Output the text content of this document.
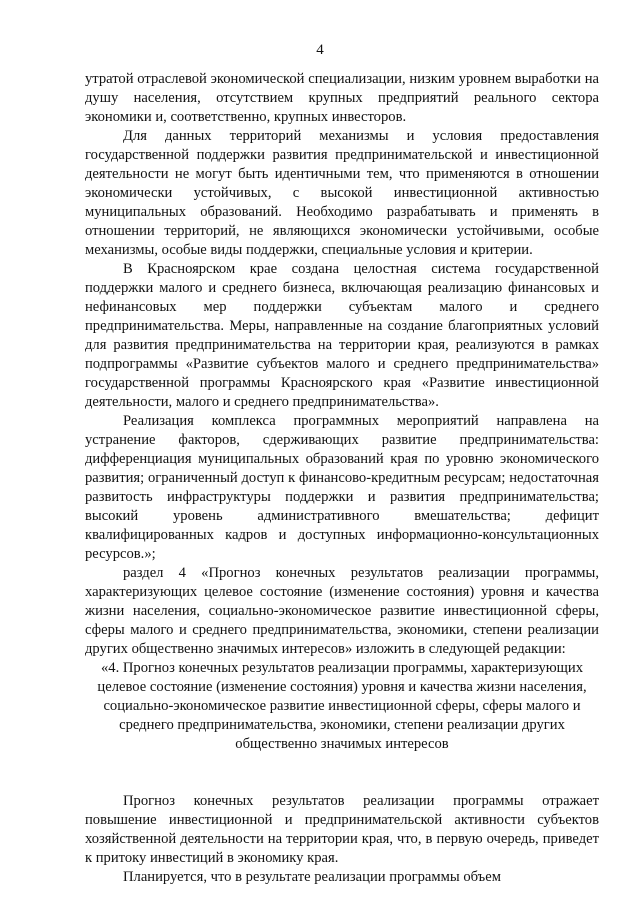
4

утратой отраслевой экономической специализации, низким уровнем выработки на душу населения, отсутствием крупных предприятий реального сектора экономики и, соответственно, крупных инвесторов.

Для данных территорий механизмы и условия предоставления государственной поддержки развития предпринимательской и инвестиционной деятельности не могут быть идентичными тем, что применяются в отношении экономически устойчивых, с высокой инвестиционной активностью муниципальных образований. Необходимо разрабатывать и применять в отношении территорий, не являющихся экономически устойчивыми, особые механизмы, особые виды поддержки, специальные условия и критерии.

В Красноярском крае создана целостная система государственной поддержки малого и среднего бизнеса, включающая реализацию финансовых и нефинансовых мер поддержки субъектам малого и среднего предпринимательства. Меры, направленные на создание благоприятных условий для развития предпринимательства на территории края, реализуются в рамках подпрограммы «Развитие субъектов малого и среднего предпринимательства» государственной программы Красноярского края «Развитие инвестиционной деятельности, малого и среднего предпринимательства».

Реализация комплекса программных мероприятий направлена на устранение факторов, сдерживающих развитие предпринимательства: дифференциация муниципальных образований края по уровню экономического развития; ограниченный доступ к финансово-кредитным ресурсам; недостаточная развитость инфраструктуры поддержки и развития предпринимательства; высокий уровень административного вмешательства; дефицит квалифицированных кадров и доступных информационно-консультационных ресурсов.»;

раздел 4 «Прогноз конечных результатов реализации программы, характеризующих целевое состояние (изменение состояния) уровня и качества жизни населения, социально-экономическое развитие инвестиционной сферы, сферы малого и среднего предпринимательства, экономики, степени реализации других общественно значимых интересов» изложить в следующей редакции:

«4. Прогноз конечных результатов реализации программы, характеризующих целевое состояние (изменение состояния) уровня и качества жизни населения, социально-экономическое развитие инвестиционной сферы, сферы малого и среднего предпринимательства, экономики, степени реализации других общественно значимых интересов

Прогноз конечных результатов реализации программы отражает повышение инвестиционной и предпринимательской активности субъектов хозяйственной деятельности на территории края, что, в первую очередь, приведет к притоку инвестиций в экономику края.

Планируется, что в результате реализации программы объем
